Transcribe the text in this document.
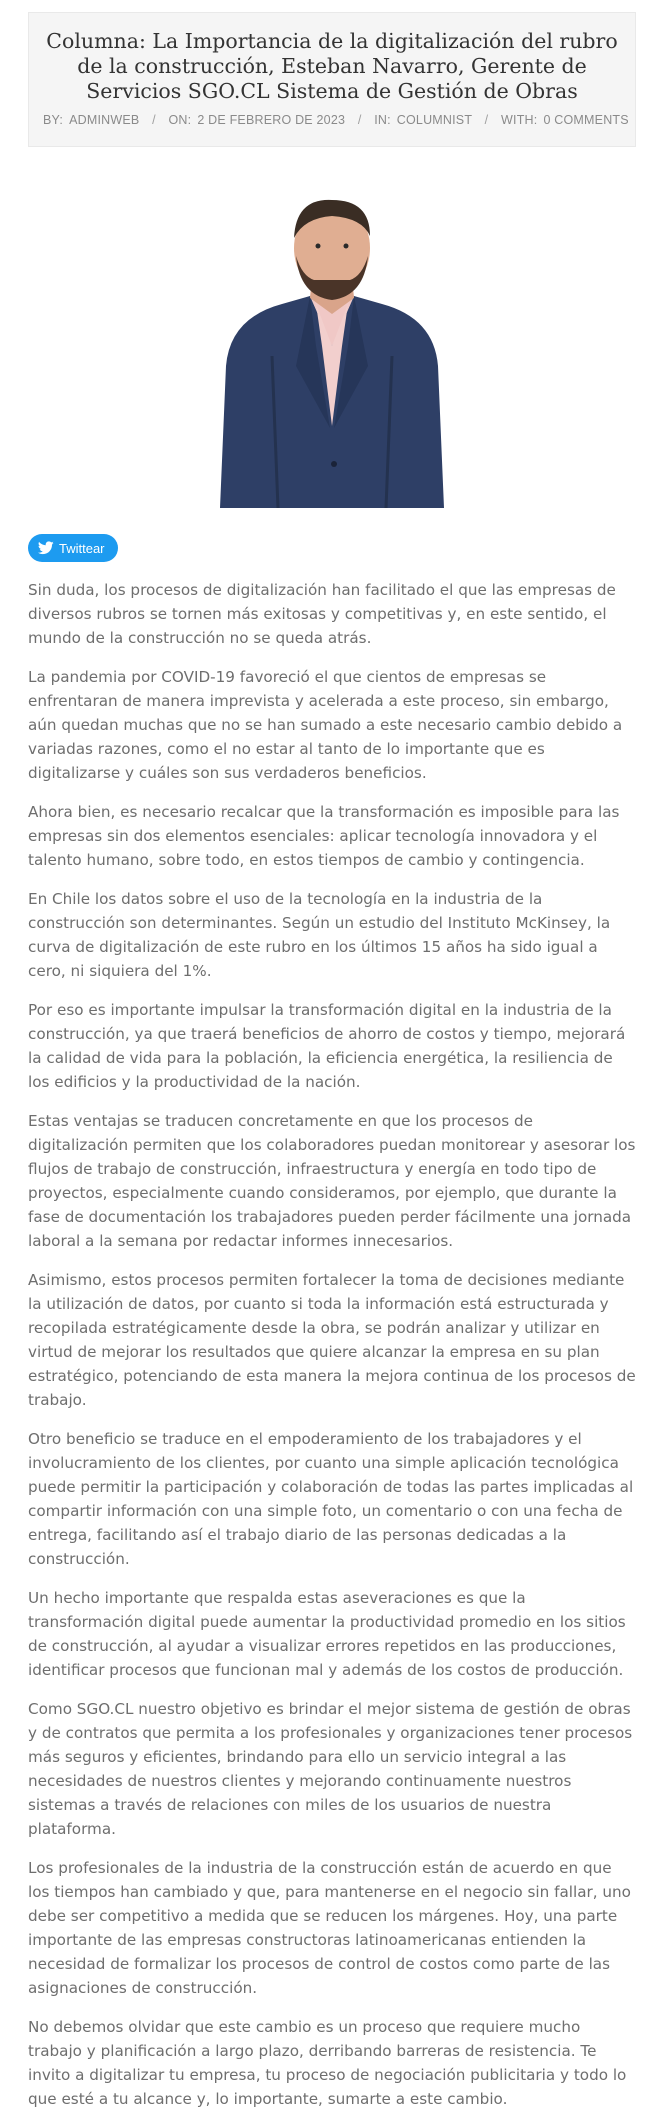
Columna: La Importancia de la digitalización del rubro de la construcción, Esteban Navarro, Gerente de Servicios SGO.CL Sistema de Gestión de Obras
BY: ADMINWEB / ON: 2 DE FEBRERO DE 2023 / IN: COLUMNIST / WITH: 0 COMMENTS
Twittear

Sin duda, los procesos de digitalización han facilitado el que las empresas de diversos rubros se tornen más exitosas y competitivas y, en este sentido, el mundo de la construcción no se queda atrás.

La pandemia por COVID-19 favoreció el que cientos de empresas se enfrentaran de manera imprevista y acelerada a este proceso, sin embargo, aún quedan muchas que no se han sumado a este necesario cambio debido a variadas razones, como el no estar al tanto de lo importante que es digitalizarse y cuáles son sus verdaderos beneficios.

Ahora bien, es necesario recalcar que la transformación es imposible para las empresas sin dos elementos esenciales: aplicar tecnología innovadora y el talento humano, sobre todo, en estos tiempos de cambio y contingencia.

En Chile los datos sobre el uso de la tecnología en la industria de la construcción son determinantes. Según un estudio del Instituto McKinsey, la curva de digitalización de este rubro en los últimos 15 años ha sido igual a cero, ni siquiera del 1%.

Por eso es importante impulsar la transformación digital en la industria de la construcción, ya que traerá beneficios de ahorro de costos y tiempo, mejorará la calidad de vida para la población, la eficiencia energética, la resiliencia de los edificios y la productividad de la nación.

Estas ventajas se traducen concretamente en que los procesos de digitalización permiten que los colaboradores puedan monitorear y asesorar los flujos de trabajo de construcción, infraestructura y energía en todo tipo de proyectos, especialmente cuando consideramos, por ejemplo, que durante la fase de documentación los trabajadores pueden perder fácilmente una jornada laboral a la semana por redactar informes innecesarios.

Asimismo, estos procesos permiten fortalecer la toma de decisiones mediante la utilización de datos, por cuanto si toda la información está estructurada y recopilada estratégicamente desde la obra, se podrán analizar y utilizar en virtud de mejorar los resultados que quiere alcanzar la empresa en su plan estratégico, potenciando de esta manera la mejora continua de los procesos de trabajo.

Otro beneficio se traduce en el empoderamiento de los trabajadores y el involucramiento de los clientes, por cuanto una simple aplicación tecnológica puede permitir la participación y colaboración de todas las partes implicadas al compartir información con una simple foto, un comentario o con una fecha de entrega, facilitando así el trabajo diario de las personas dedicadas a la construcción.

Un hecho importante que respalda estas aseveraciones es que la transformación digital puede aumentar la productividad promedio en los sitios de construcción, al ayudar a visualizar errores repetidos en las producciones, identificar procesos que funcionan mal y además de los costos de producción.

Como SGO.CL nuestro objetivo es brindar el mejor sistema de gestión de obras y de contratos que permita a los profesionales y organizaciones tener procesos más seguros y eficientes, brindando para ello un servicio integral a las necesidades de nuestros clientes y mejorando continuamente nuestros sistemas a través de relaciones con miles de los usuarios de nuestra plataforma.

Los profesionales de la industria de la construcción están de acuerdo en que los tiempos han cambiado y que, para mantenerse en el negocio sin fallar, uno debe ser competitivo a medida que se reducen los márgenes. Hoy, una parte importante de las empresas constructoras latinoamericanas entienden la necesidad de formalizar los procesos de control de costos como parte de las asignaciones de construcción.

No debemos olvidar que este cambio es un proceso que requiere mucho trabajo y planificación a largo plazo, derribando barreras de resistencia. Te invito a digitalizar tu empresa, tu proceso de negociación publicitaria y todo lo que esté a tu alcance y, lo importante, sumarte a este cambio.
